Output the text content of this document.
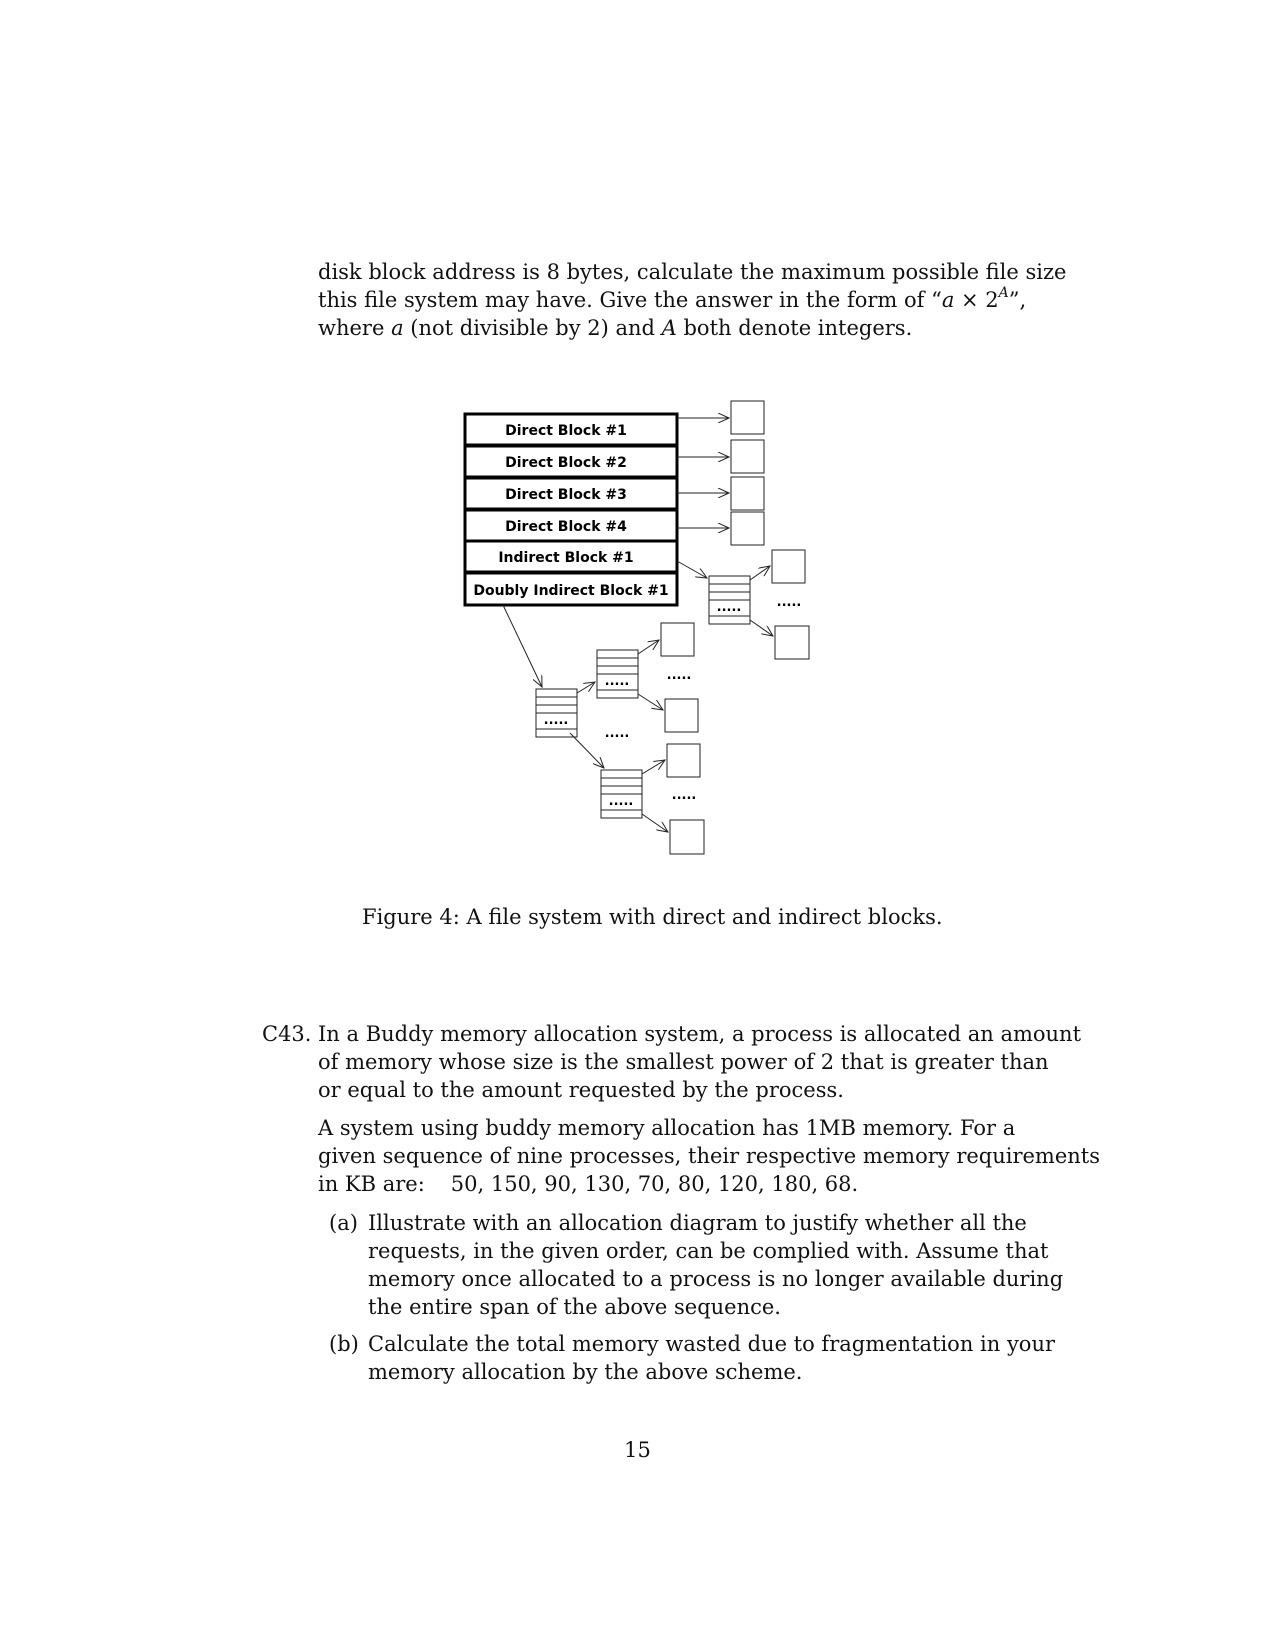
disk block address is 8 bytes, calculate the maximum possible file size
this file system may have. Give the answer in the form of “$a \times 2^A$”,
where a (not divisible by 2) and A both denote integers.
Direct Block #1
Direct Block #2
Direct Block #3
Direct Block #4
Indirect Block #1
Doubly Indirect Block #1
.....	.....
.....
.....	.....
.....
.....	.....
Figure 4: A file system with direct and indirect blocks.
C43. In a Buddy memory allocation system, a process is allocated an amount
of memory whose size is the smallest power of 2 that is greater than
or equal to the amount requested by the process.
A system using buddy memory allocation has 1MB memory. For a
given sequence of nine processes, their respective memory requirements
in KB are: 50, 150, 90, 130, 70, 80, 120, 180, 68.
(a) Illustrate with an allocation diagram to justify whether all the
requests, in the given order, can be complied with. Assume that
memory once allocated to a process is no longer available during
the entire span of the above sequence.
(b) Calculate the total memory wasted due to fragmentation in your
memory allocation by the above scheme.
15
